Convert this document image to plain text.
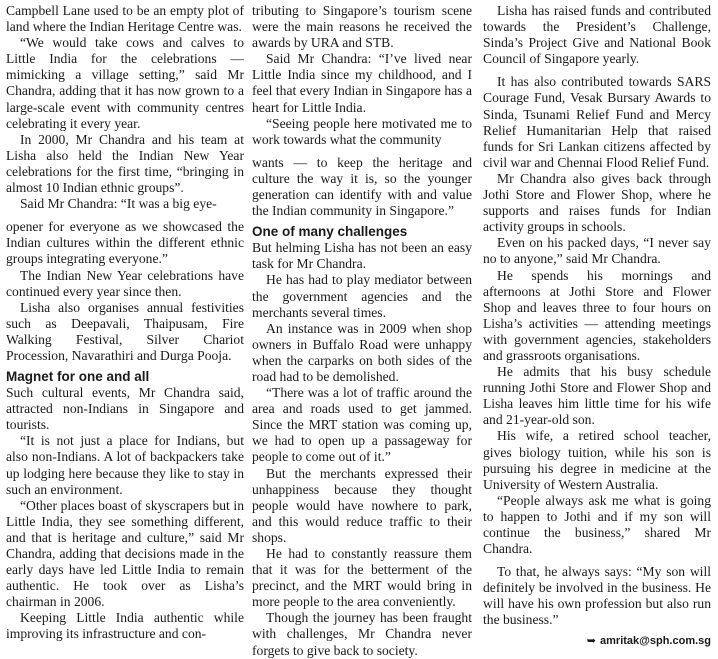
Campbell Lane used to be an empty plot of land where the Indian Heritage Centre was.

“We would take cows and calves to Little India for the celebrations — mimicking a village setting,” said Mr Chandra, adding that it has now grown to a large-scale event with community centres celebrating it every year.

In 2000, Mr Chandra and his team at Lisha also held the Indian New Year celebrations for the first time, “bringing in almost 10 Indian ethnic groups”.

Said Mr Chandra: “It was a big eye-

opener for everyone as we showcased the Indian cultures within the different ethnic groups integrating everyone.”

The Indian New Year celebrations have continued every year since then.

Lisha also organises annual festivities such as Deepavali, Thaipusam, Fire Walking Festival, Silver Chariot Procession, Navarathiri and Durga Pooja.

Magnet for one and all

Such cultural events, Mr Chandra said, attracted non-Indians in Singapore and tourists.

“It is not just a place for Indians, but also non-Indians. A lot of backpackers take up lodging here because they like to stay in such an environment.

“Other places boast of skyscrapers but in Little India, they see something different, and that is heritage and culture,” said Mr Chandra, adding that decisions made in the early days have led Little India to remain authentic. He took over as Lisha’s chairman in 2006.

Keeping Little India authentic while improving its infrastructure and con-

tributing to Singapore’s tourism scene were the main reasons he received the awards by URA and STB.

Said Mr Chandra: “I’ve lived near Little India since my childhood, and I feel that every Indian in Singapore has a heart for Little India.

“Seeing people here motivated me to work towards what the community

wants — to keep the heritage and culture the way it is, so the younger generation can identify with and value the Indian community in Singapore.”

One of many challenges

But helming Lisha has not been an easy task for Mr Chandra.

He has had to play mediator between the government agencies and the merchants several times.

An instance was in 2009 when shop owners in Buffalo Road were unhappy when the carparks on both sides of the road had to be demolished.

“There was a lot of traffic around the area and roads used to get jammed. Since the MRT station was coming up, we had to open up a passageway for people to come out of it.”

But the merchants expressed their unhappiness because they thought people would have nowhere to park, and this would reduce traffic to their shops.

He had to constantly reassure them that it was for the betterment of the precinct, and the MRT would bring in more people to the area conveniently.

Though the journey has been fraught with challenges, Mr Chandra never forgets to give back to society.

Lisha has raised funds and contributed towards the President’s Challenge, Sinda’s Project Give and National Book Council of Singapore yearly.

It has also contributed towards SARS Courage Fund, Vesak Bursary Awards to Sinda, Tsunami Relief Fund and Mercy Relief Humanitarian Help that raised funds for Sri Lankan citizens affected by civil war and Chennai Flood Relief Fund.

Mr Chandra also gives back through Jothi Store and Flower Shop, where he supports and raises funds for Indian activity groups in schools.

Even on his packed days, “I never say no to anyone,” said Mr Chandra.

He spends his mornings and afternoons at Jothi Store and Flower Shop and leaves three to four hours on Lisha’s activities — attending meetings with government agencies, stakeholders and grassroots organisations.

He admits that his busy schedule running Jothi Store and Flower Shop and Lisha leaves him little time for his wife and 21-year-old son.

His wife, a retired school teacher, gives biology tuition, while his son is pursuing his degree in medicine at the University of Western Australia.

“People always ask me what is going to happen to Jothi and if my son will continue the business,” shared Mr Chandra.

To that, he always says: “My son will definitely be involved in the business. He will have his own profession but also run the business.”

➥ amritak@sph.com.sg
